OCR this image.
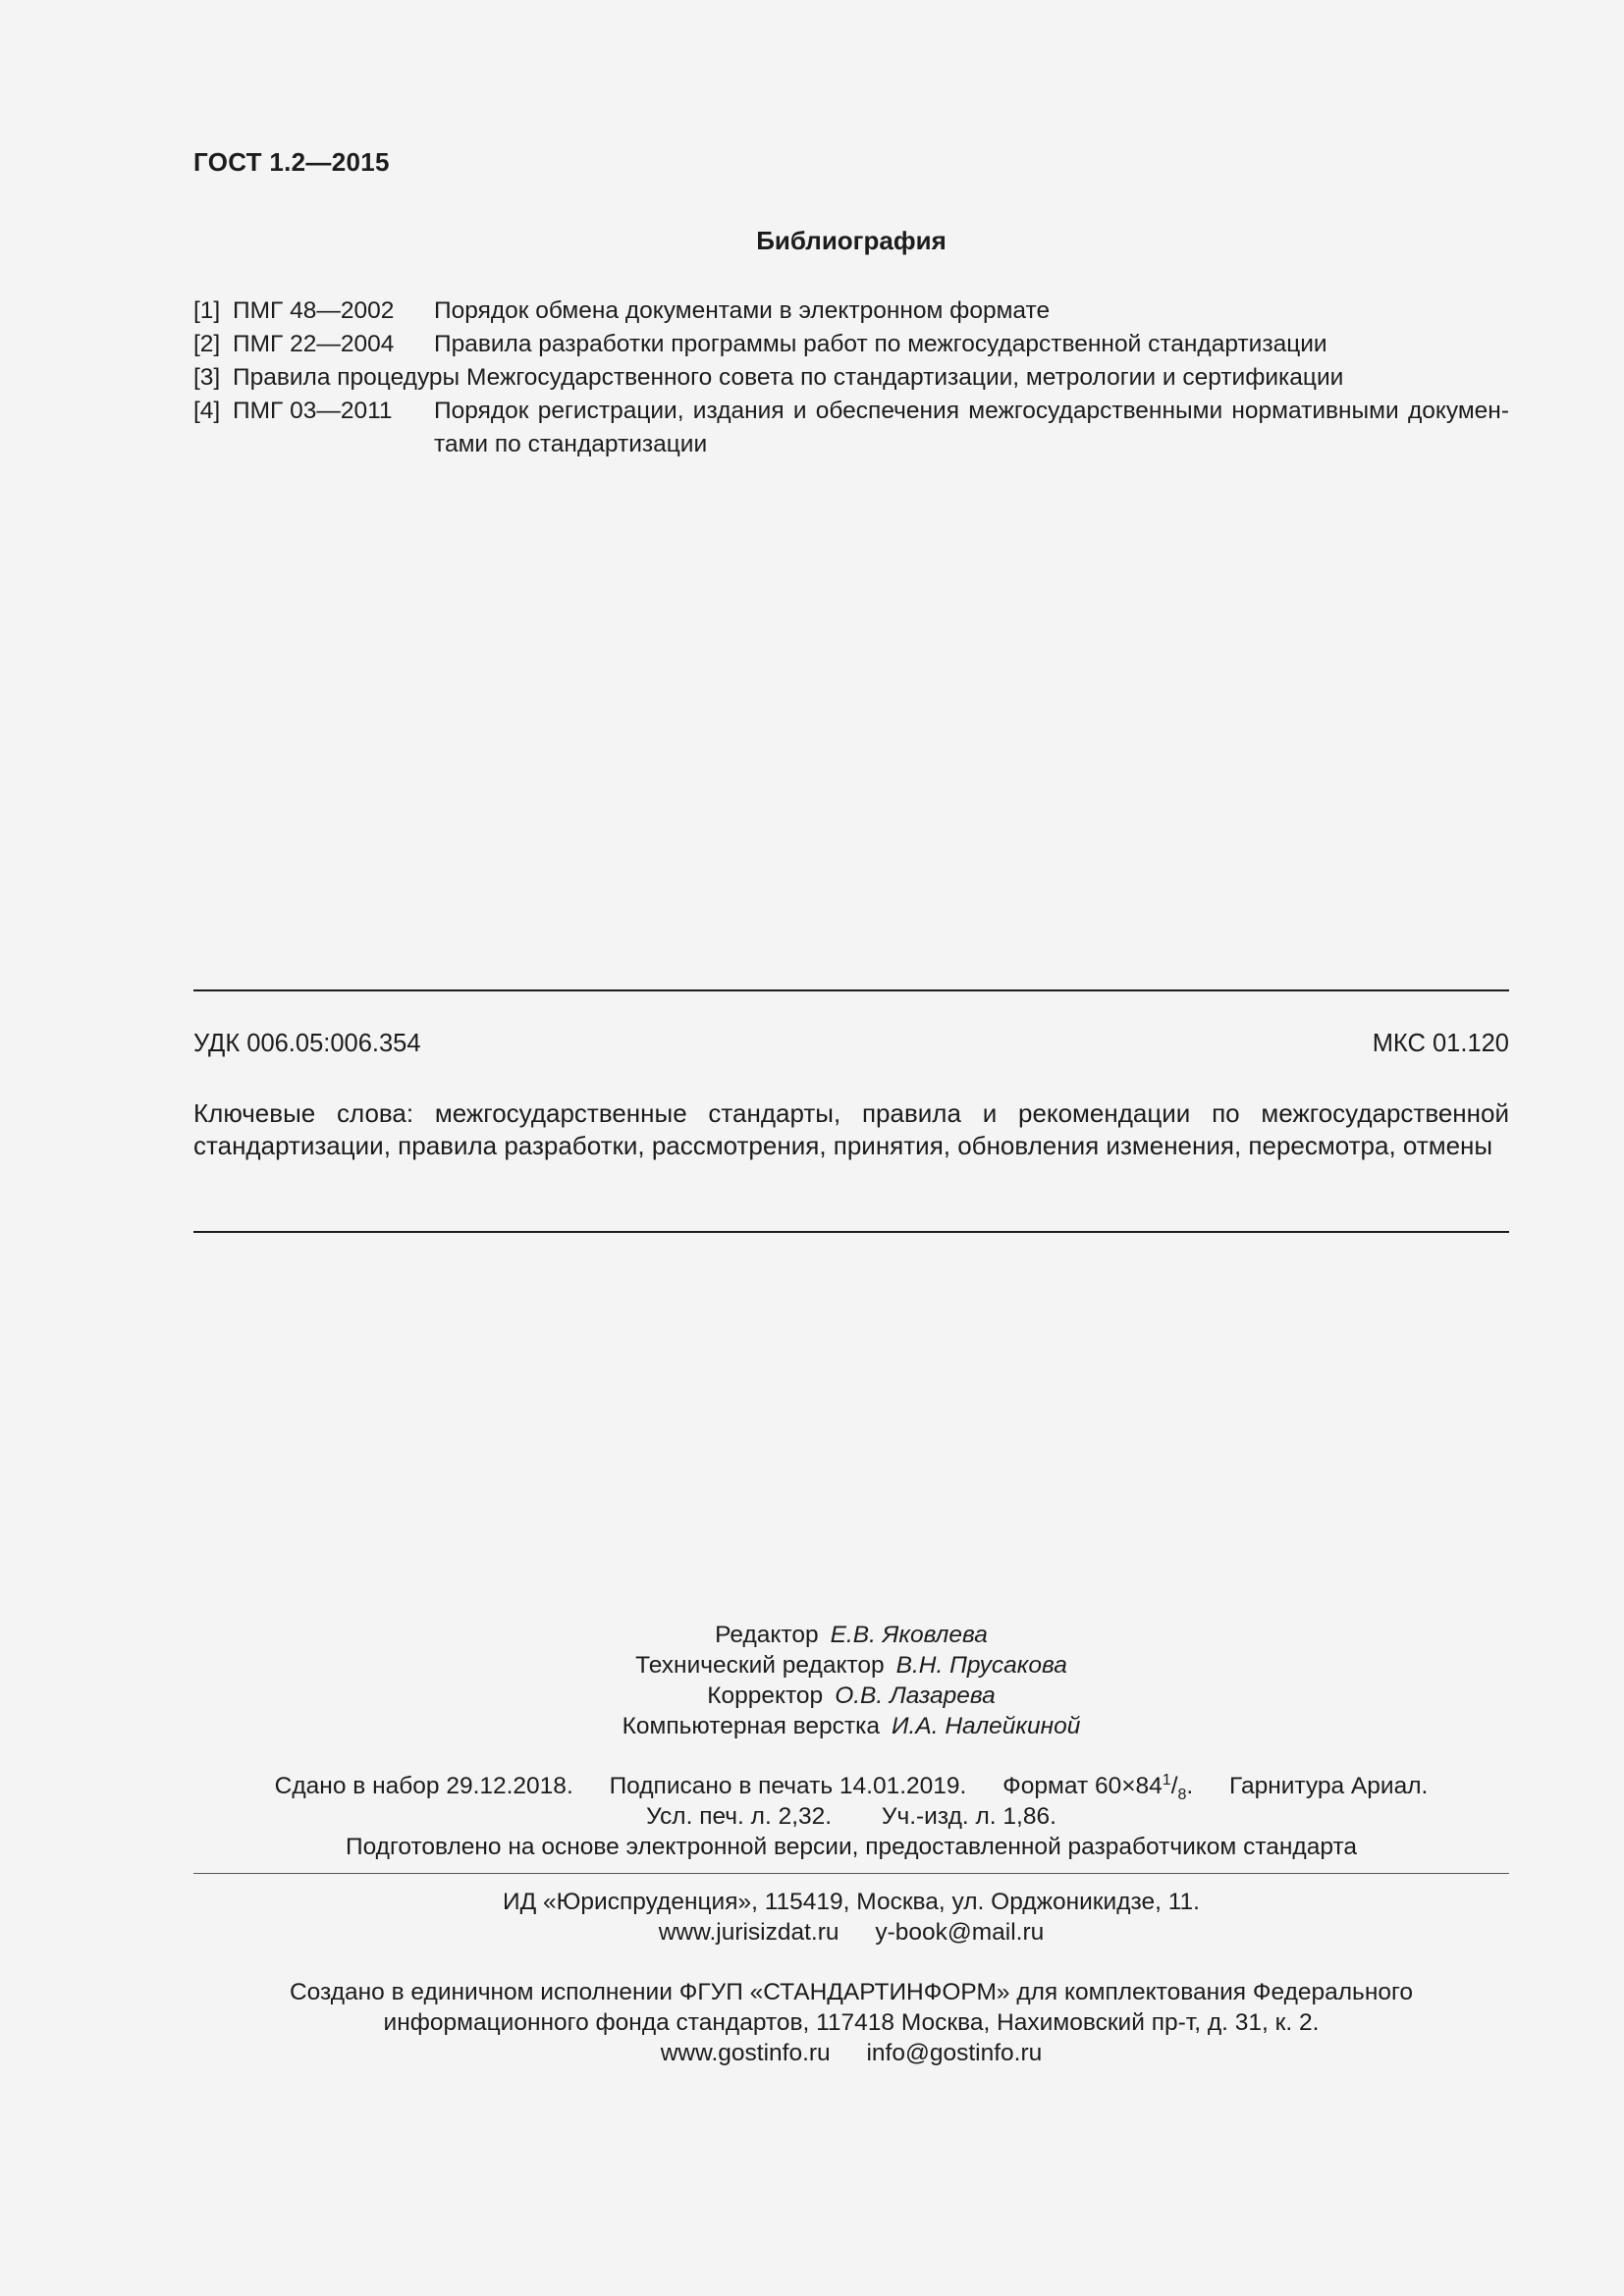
ГОСТ 1.2—2015
Библиография
[1] ПМГ 48—2002	Порядок обмена документами в электронном формате
[2] ПМГ 22—2004	Правила разработки программы работ по межгосударственной стандартизации
[3] Правила процедуры Межгосударственного совета по стандартизации, метрологии и сертификации
[4] ПМГ 03—2011	Порядок регистрации, издания и обеспечения межгосударственными нормативными докумен-
тами по стандартизации
УДК 006.05:006.354	МКС 01.120
Ключевые слова: межгосударственные стандарты, правила и рекомендации по межгосударственной стандартизации, правила разработки, рассмотрения, принятия, обновления изменения, пересмотра, отмены
Редактор Е.В. Яковлева
Технический редактор В.Н. Прусакова
Корректор О.В. Лазарева
Компьютерная верстка И.А. Налейкиной
Сдано в набор 29.12.2018. Подписано в печать 14.01.2019. Формат $60\times 84^1/_8$. Гарнитура Ариал.
Усл. печ. л. 2,32. Уч.-изд. л. 1,86.
Подготовлено на основе электронной версии, предоставленной разработчиком стандарта
ИД «Юриспруденция», 115419, Москва, ул. Орджоникидзе, 11.
www.jurisizdat.ru y-book@mail.ru
Создано в единичном исполнении ФГУП «СТАНДАРТИНФОРМ» для комплектования Федерального
информационного фонда стандартов, 117418 Москва, Нахимовский пр-т, д. 31, к. 2.
www.gostinfo.ru info@gostinfo.ru
